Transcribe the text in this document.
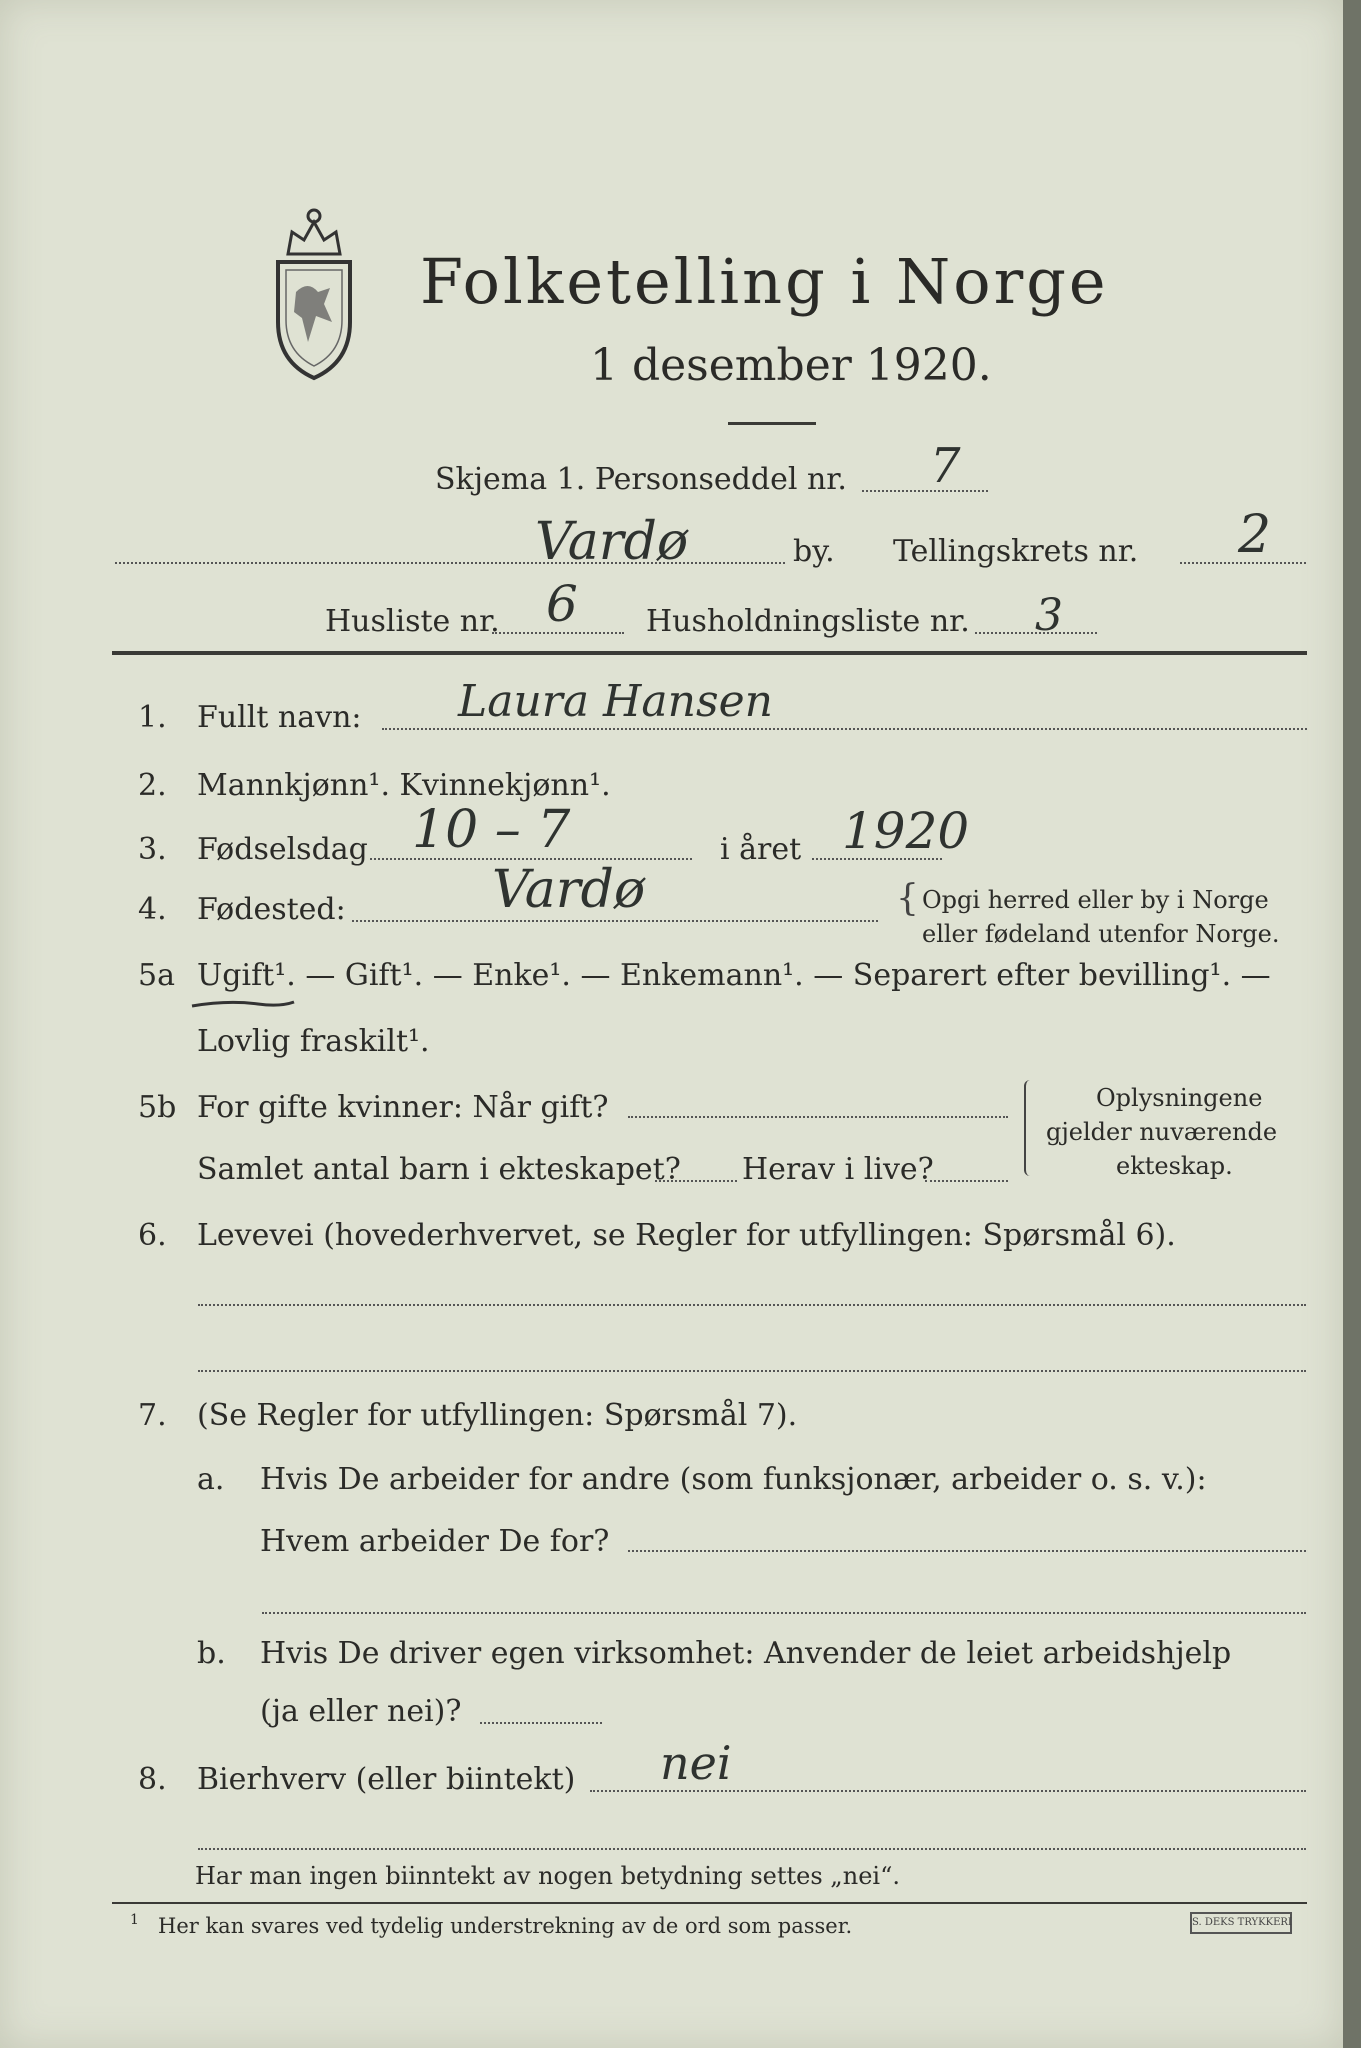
Folketelling i Norge
1 desember 1920.
Skjema 1. Personseddel nr. 7
Vardø	by. Tellingskrets nr. 2
Husliste nr. 6 Husholdningsliste nr. 3
1. Fullt navn: Laura Hansen
2. Mannkjønn¹. Kvinnekjønn¹.
3. Fødselsdag 10 – 7	i året 1920
4. Fødested:	Vardø	{ Opgi herred eller by i Norge
eller fødeland utenfor Norge.
5a Ugift¹. — Gift¹. — Enke¹. — Enkemann¹. — Separert efter bevilling¹. —
Lovlig fraskilt¹.
5b For gifte kvinner: Når gift?
Samlet antal barn i ekteskapet? Herav i live?
Oplysningene
gjelder nuværende
ekteskap.
6. Levevei (hovederhvervet, se Regler for utfyllingen: Spørsmål 6).
7. (Se Regler for utfyllingen: Spørsmål 7).
a. Hvis De arbeider for andre (som funksjonær, arbeider o. s. v.):
Hvem arbeider De for?
b. Hvis De driver egen virksomhet: Anvender de leiet arbeidshjelp
(ja eller nei)?
8. Bierhverv (eller biintekt) nei
Har man ingen biinntekt av nogen betydning settes „nei“.
1 Her kan svares ved tydelig understrekning av de ord som passer.	S. DEKS TRYKKERI
